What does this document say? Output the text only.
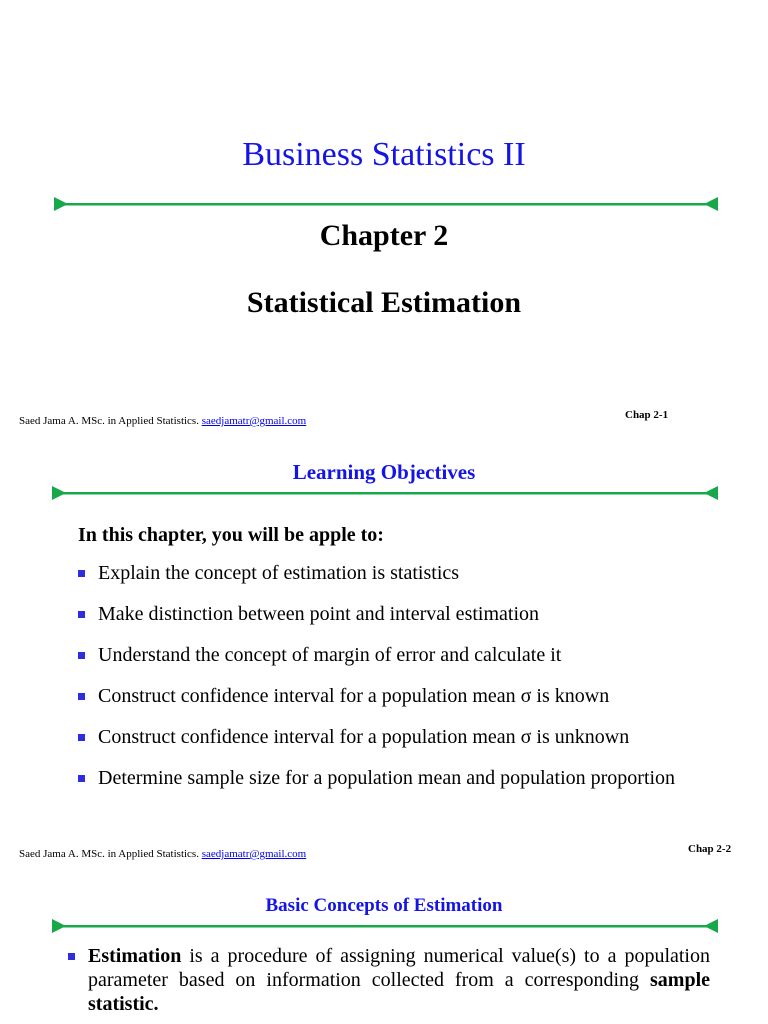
Business Statistics II
Chapter 2
Statistical Estimation
Saed Jama A. MSc. in Applied Statistics. saedjamatr@gmail.com	Chap 2-1
Learning Objectives
In this chapter, you will be apple to:
Explain the concept of estimation is statistics
Make distinction between point and interval estimation
Understand the concept of margin of error and calculate it
Construct confidence interval for a population mean σ is known
Construct confidence interval for a population mean σ is unknown
Determine sample size for a population mean and population proportion
Saed Jama A. MSc. in Applied Statistics. saedjamatr@gmail.com	Chap 2-2
Basic Concepts of Estimation
Estimation is a procedure of assigning numerical value(s) to a population parameter based on information collected from a corresponding sample statistic.
